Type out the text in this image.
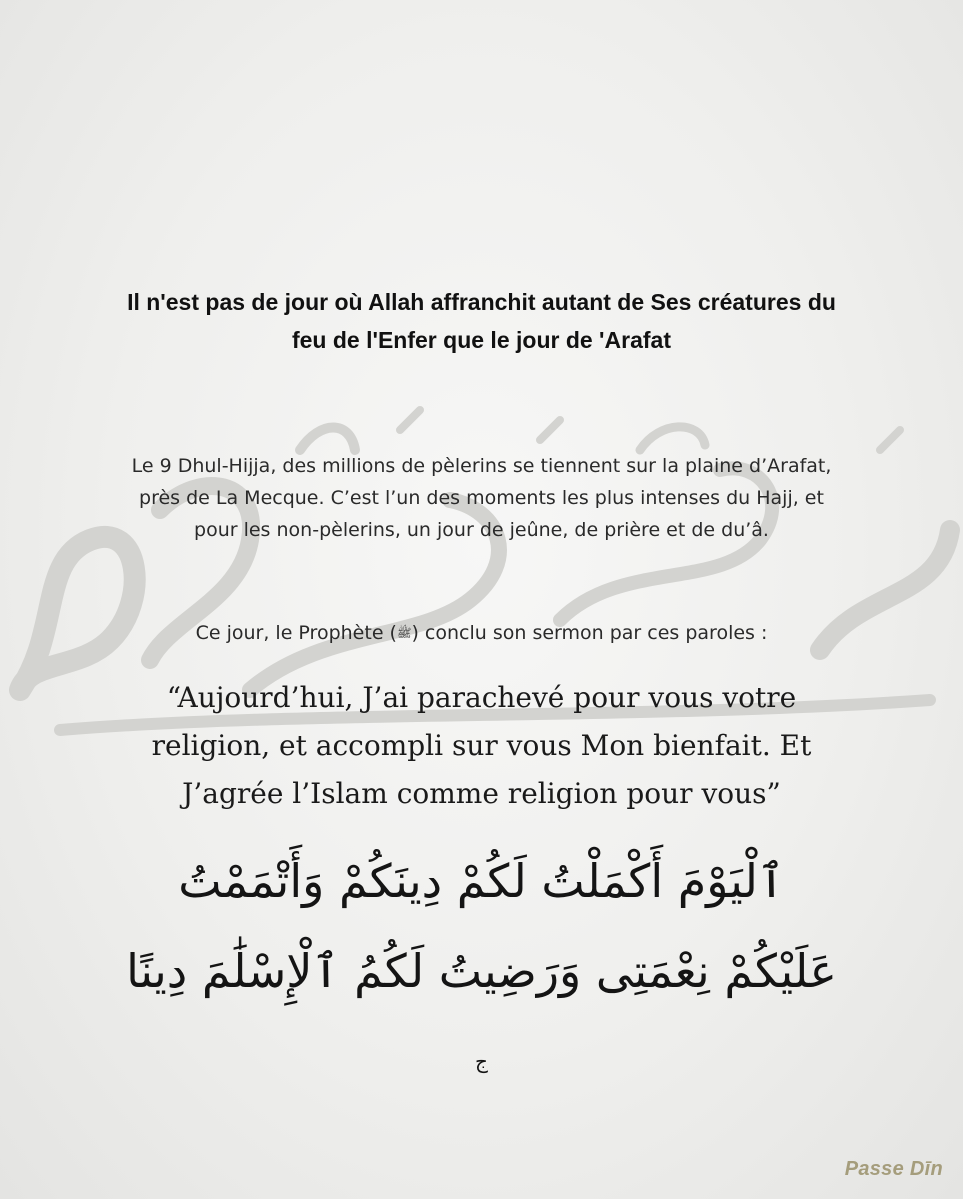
Il n'est pas de jour où Allah affranchit autant de Ses créatures du
feu de l'Enfer que le jour de 'Arafat
Le 9 Dhul-Hijja, des millions de pèlerins se tiennent sur la plaine d’Arafat,
près de La Mecque. C’est l’un des moments les plus intenses du Hajj, et
pour les non-pèlerins, un jour de jeûne, de prière et de du’â.
Ce jour, le Prophète (ﷺ) conclu son sermon par ces paroles :
“Aujourd’hui, J’ai parachevé pour vous votre
religion, et accompli sur vous Mon bienfait. Et
J’agrée l’Islam comme religion pour vous”
ٱلْيَوْمَ أَكْمَلْتُ لَكُمْ دِينَكُمْ وَأَتْمَمْتُ
عَلَيْكُمْ نِعْمَتِى وَرَضِيتُ لَكُمُ ٱلْإِسْلَٰمَ دِينًا
ج
Passe Dīn
